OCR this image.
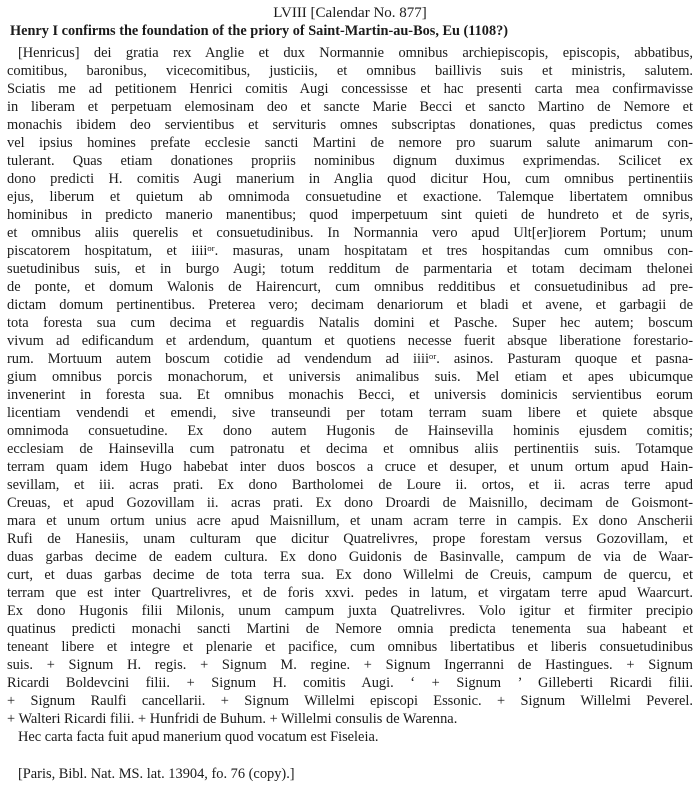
LVIII [Calendar No. 877]
Henry I confirms the foundation of the priory of Saint-Martin-au-Bos, Eu (1108?)
[Henricus] dei gratia rex Anglie et dux Normannie omnibus archiepiscopis, episcopis, abbatibus,
comitibus, baronibus, vicecomitibus, justiciis, et omnibus baillivis suis et ministris, salutem.
Sciatis me ad petitionem Henrici comitis Augi concessisse et hac presenti carta mea confirmavisse
in liberam et perpetuam elemosinam deo et sancte Marie Becci et sancto Martino de Nemore et
monachis ibidem deo servientibus et servituris omnes subscriptas donationes, quas predictus comes
vel ipsius homines prefate ecclesie sancti Martini de nemore pro suarum salute animarum con-
tulerant. Quas etiam donationes propriis nominibus dignum duximus exprimendas. Scilicet ex
dono predicti H. comitis Augi manerium in Anglia quod dicitur Hou, cum omnibus pertinentiis
ejus, liberum et quietum ab omnimoda consuetudine et exactione. Talemque libertatem omnibus
hominibus in predicto manerio manentibus; quod imperpetuum sint quieti de hundreto et de syris,
et omnibus aliis querelis et consuetudinibus. In Normannia vero apud Ult[er]iorem Portum; unum
piscatorem hospitatum, et iiiiᵒʳ. masuras, unam hospitatam et tres hospitandas cum omnibus con-
suetudinibus suis, et in burgo Augi; totum redditum de parmentaria et totam decimam thelonei
de ponte, et domum Walonis de Hairencurt, cum omnibus redditibus et consuetudinibus ad pre-
dictam domum pertinentibus. Preterea vero; decimam denariorum et bladi et avene, et garbagii de
tota foresta sua cum decima et reguardis Natalis domini et Pasche. Super hec autem; boscum
vivum ad edificandum et ardendum, quantum et quotiens necesse fuerit absque liberatione forestario-
rum. Mortuum autem boscum cotidie ad vendendum ad iiiiᵒʳ. asinos. Pasturam quoque et pasna-
gium omnibus porcis monachorum, et universis animalibus suis. Mel etiam et apes ubicumque
invenerint in foresta sua. Et omnibus monachis Becci, et universis dominicis servientibus eorum
licentiam vendendi et emendi, sive transeundi per totam terram suam libere et quiete absque
omnimoda consuetudine. Ex dono autem Hugonis de Hainsevilla hominis ejusdem comitis;
ecclesiam de Hainsevilla cum patronatu et decima et omnibus aliis pertinentiis suis. Totamque
terram quam idem Hugo habebat inter duos boscos a cruce et desuper, et unum ortum apud Hain-
sevillam, et iii. acras prati. Ex dono Bartholomei de Loure ii. ortos, et ii. acras terre apud
Creuas, et apud Gozovillam ii. acras prati. Ex dono Droardi de Maisnillo, decimam de Goismont-
mara et unum ortum unius acre apud Maisnillum, et unam acram terre in campis. Ex dono Anscherii
Rufi de Hanesiis, unam culturam que dicitur Quatrelivres, prope forestam versus Gozovillam, et
duas garbas decime de eadem cultura. Ex dono Guidonis de Basinvalle, campum de via de Waar-
curt, et duas garbas decime de tota terra sua. Ex dono Willelmi de Creuis, campum de quercu, et
terram que est inter Quartrelivres, et de foris xxvi. pedes in latum, et virgatam terre apud Waarcurt.
Ex dono Hugonis filii Milonis, unum campum juxta Quatrelivres. Volo igitur et firmiter precipio
quatinus predicti monachi sancti Martini de Nemore omnia predicta tenementa sua habeant et
teneant libere et integre et plenarie et pacifice, cum omnibus libertatibus et liberis consuetudinibus
suis. + Signum H. regis. + Signum M. regine. + Signum Ingerranni de Hastingues. + Signum
Ricardi Boldevcini filii. + Signum H. comitis Augi. ‘ + Signum ’ Gilleberti Ricardi filii.
+ Signum Raulfi cancellarii. + Signum Willelmi episcopi Essonic. + Signum Willelmi Peverel.
+ Walteri Ricardi filii. + Hunfridi de Buhum. + Willelmi consulis de Warenna.
Hec carta facta fuit apud manerium quod vocatum est Fiseleia.
[Paris, Bibl. Nat. MS. lat. 13904, fo. 76 (copy).]
